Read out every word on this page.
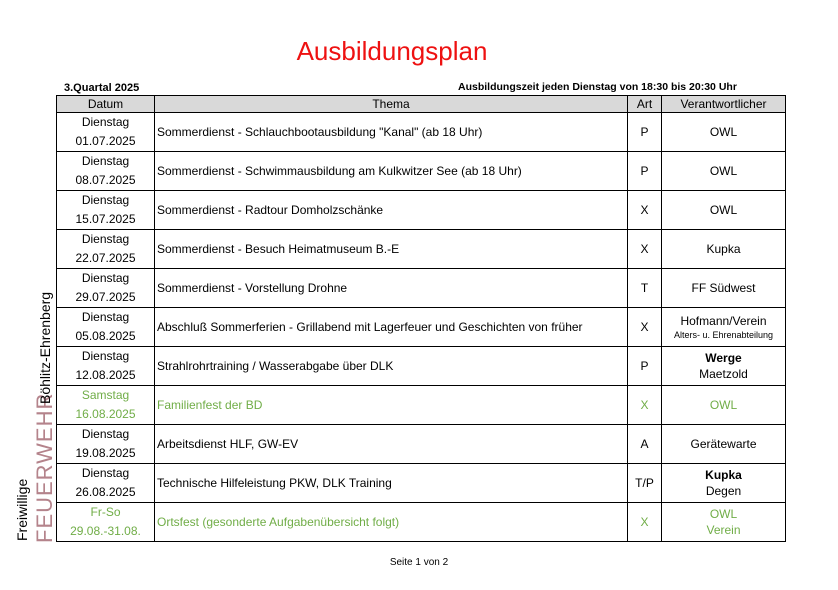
Ausbildungsplan
3.Quartal 2025	Ausbildungszeit jeden Dienstag von 18:30 bis 20:30 Uhr
Freiwillige FEUERWEHR
Böhlitz-Ehrenberg
Datum	Thema	Art	Verantwortlicher

Dienstag
01.07.2025	Sommerdienst - Schlauchbootausbildung "Kanal" (ab 18 Uhr)	P	OWL

Dienstag
08.07.2025	Sommerdienst - Schwimmausbildung am Kulkwitzer See (ab 18 Uhr)	P	OWL

Dienstag
15.07.2025	Sommerdienst - Radtour Domholzschänke	X	OWL

Dienstag
22.07.2025	Sommerdienst - Besuch Heimatmuseum B.-E	X	Kupka

Dienstag
29.07.2025	Sommerdienst - Vorstellung Drohne	T	FF Südwest

Dienstag
05.08.2025	Abschluß Sommerferien - Grillabend mit Lagerfeuer und Geschichten von früher	X	Hofmann/Verein
Alters- u. Ehrenabteilung

Dienstag
12.08.2025	Strahlrohrtraining / Wasserabgabe über DLK	P	Werge
Maetzold

Samstag
16.08.2025	Familienfest der BD	X	OWL

Dienstag
19.08.2025	Arbeitsdienst HLF, GW-EV	A	Gerätewarte

Dienstag
26.08.2025	Technische Hilfeleistung PKW, DLK Training	T/P	Kupka
Degen

Fr-So
29.08.-31.08.	Ortsfest (gesonderte Aufgabenübersicht folgt)	X	OWL
Verein
Seite 1 von 2
